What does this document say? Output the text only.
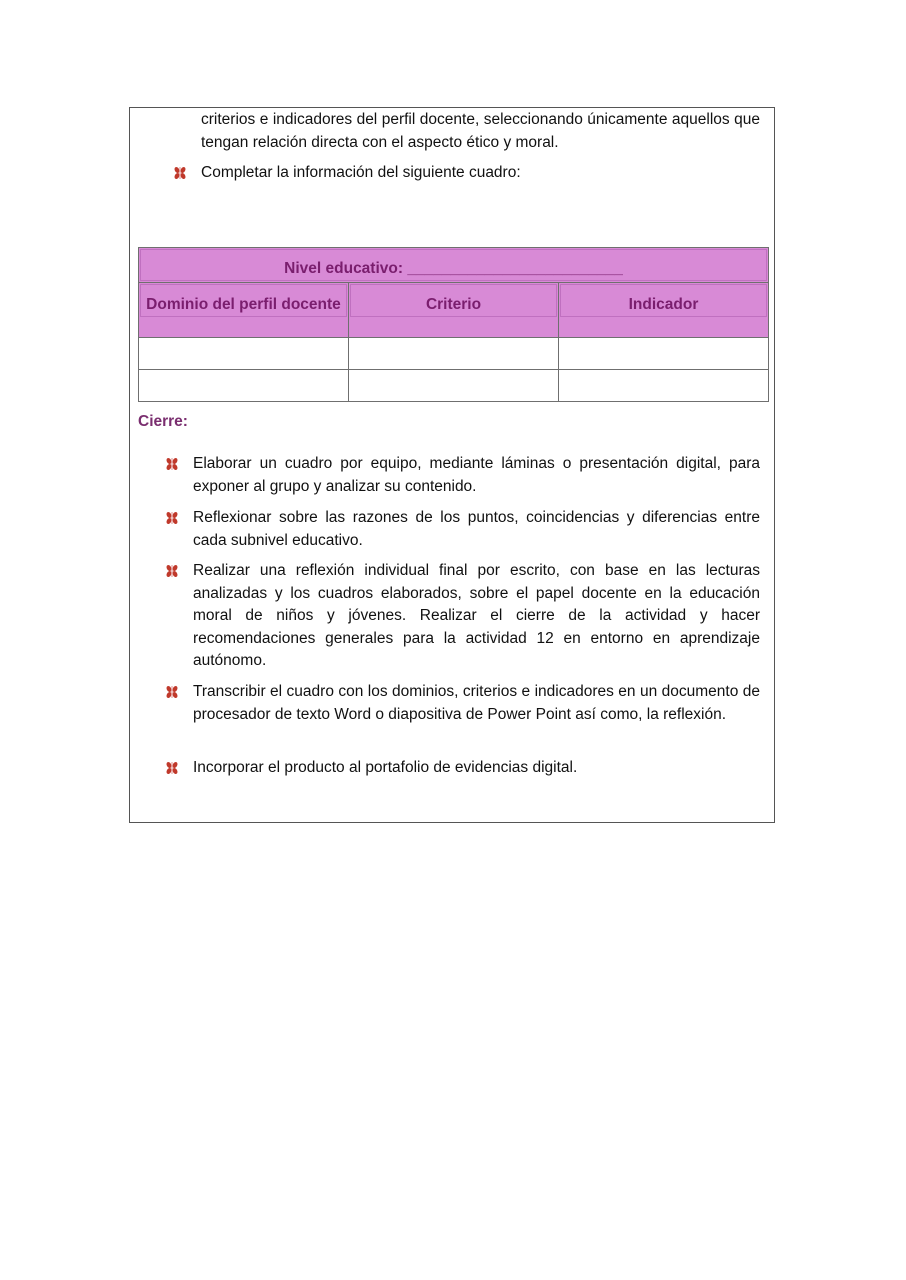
criterios e indicadores del perfil docente, seleccionando únicamente aquellos que tengan relación directa con el aspecto ético y moral.

Completar la información del siguiente cuadro:

Nivel educativo: _________________________		

Dominio del perfil docente	Criterio	Indicador

Cierre:

Elaborar un cuadro por equipo, mediante láminas o presentación digital, para exponer al grupo y analizar su contenido.

Reflexionar sobre las razones de los puntos, coincidencias y diferencias entre cada subnivel educativo.

Realizar una reflexión individual final por escrito, con base en las lecturas analizadas y los cuadros elaborados, sobre el papel docente en la educación moral de niños y jóvenes. Realizar el cierre de la actividad y hacer recomendaciones generales para la actividad 12 en entorno en aprendizaje autónomo.

Transcribir el cuadro con los dominios, criterios e indicadores en un documento de procesador de texto Word o diapositiva de Power Point así como, la reflexión.

Incorporar el producto al portafolio de evidencias digital.
